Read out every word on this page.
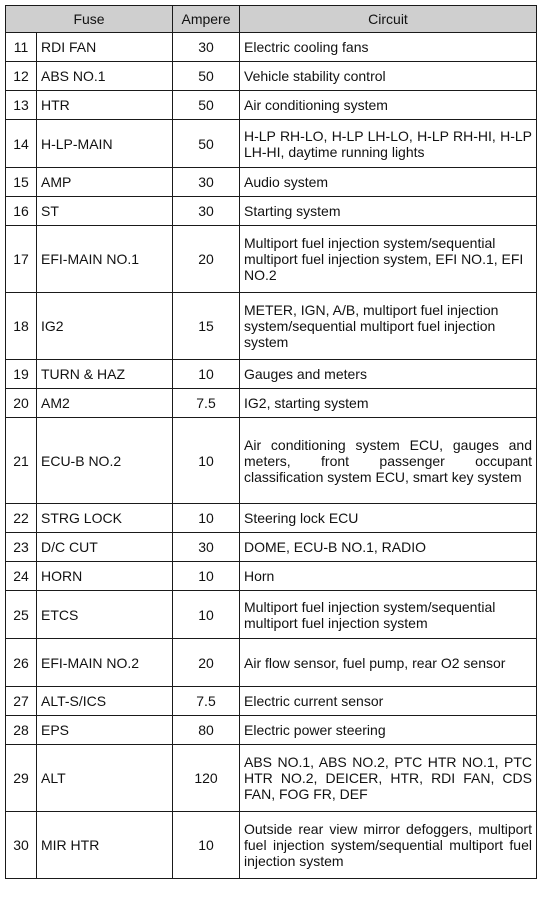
Fuse		Ampere	Circuit
11	RDI FAN	30	Electric cooling fans
12	ABS NO.1	50	Vehicle stability control
13	HTR	50	Air conditioning system
14	H-LP-MAIN	50	H-LP RH-LO, H-LP LH-LO, H-LP RH-HI, H-LP LH-HI, daytime running lights
15	AMP	30	Audio system
16	ST	30	Starting system
17	EFI-MAIN NO.1	20	Multiport fuel injection system/sequential multiport fuel injection system, EFI NO.1, EFI NO.2
18	IG2	15	METER, IGN, A/B, multiport fuel injection system/sequential multiport fuel injection system
19	TURN & HAZ	10	Gauges and meters
20	AM2	7.5	IG2, starting system
21	ECU-B NO.2	10	Air conditioning system ECU, gauges and meters, front passenger occupant classification system ECU, smart key system
22	STRG LOCK	10	Steering lock ECU
23	D/C CUT	30	DOME, ECU-B NO.1, RADIO
24	HORN	10	Horn
25	ETCS	10	Multiport fuel injection system/sequential multiport fuel injection system
26	EFI-MAIN NO.2	20	Air flow sensor, fuel pump, rear O2 sensor
27	ALT-S/ICS	7.5	Electric current sensor
28	EPS	80	Electric power steering
29	ALT	120	ABS NO.1, ABS NO.2, PTC HTR NO.1, PTC HTR NO.2, DEICER, HTR, RDI FAN, CDS FAN, FOG FR, DEF
30	MIR HTR	10	Outside rear view mirror defoggers, multiport fuel injection system/sequential multiport fuel injection system
